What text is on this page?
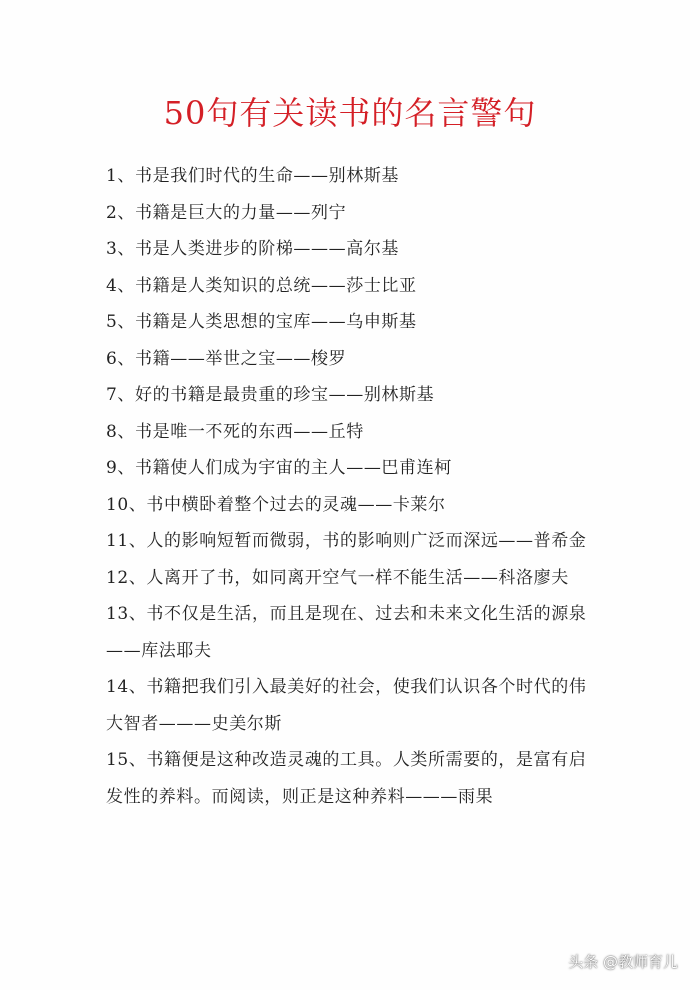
50句有关读书的名言警句
1、书是我们时代的生命——别林斯基
2、书籍是巨大的力量——列宁
3、书是人类进步的阶梯———高尔基
4、书籍是人类知识的总统——莎士比亚
5、书籍是人类思想的宝库——乌申斯基
6、书籍——举世之宝——梭罗
7、好的书籍是最贵重的珍宝——别林斯基
8、书是唯一不死的东西——丘特
9、书籍使人们成为宇宙的主人——巴甫连柯
10、书中横卧着整个过去的灵魂——卡莱尔
11、人的影响短暂而微弱，书的影响则广泛而深远——普希金
12、人离开了书，如同离开空气一样不能生活——科洛廖夫
13、书不仅是生活，而且是现在、过去和未来文化生活的源泉 ——库法耶夫
14、书籍把我们引入最美好的社会，使我们认识各个时代的伟大智者———史美尔斯
15、书籍便是这种改造灵魂的工具。人类所需要的，是富有启发性的养料。而阅读，则正是这种养料———雨果
头条 @教师育儿
